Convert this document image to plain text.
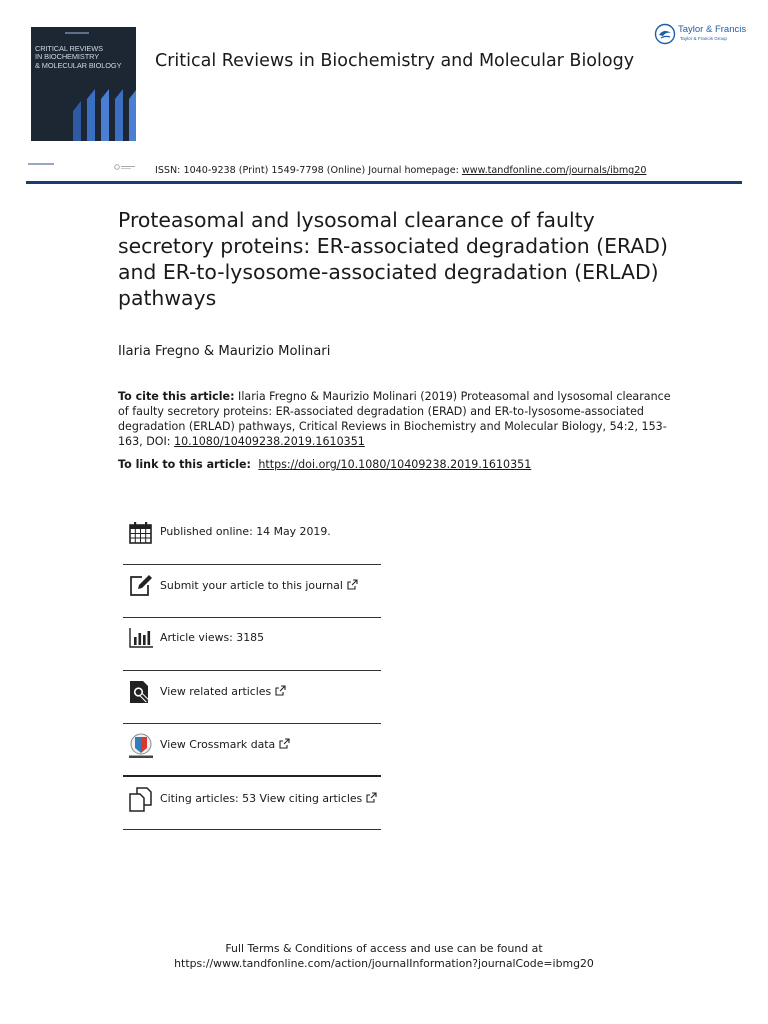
CRITICAL REVIEWS
IN BIOCHEMISTRY
& MOLECULAR BIOLOGY	Critical Reviews in Biochemistry and Molecular Biology
Taylor & Francis
Taylor & Francis Group
ISSN: 1040-9238 (Print) 1549-7798 (Online) Journal homepage: www.tandfonline.com/journals/ibmg20
Proteasomal and lysosomal clearance of faulty secretory proteins: ER-associated degradation (ERAD) and ER-to-lysosome-associated degradation (ERLAD) pathways
Ilaria Fregno & Maurizio Molinari
To cite this article: Ilaria Fregno & Maurizio Molinari (2019) Proteasomal and lysosomal clearance of faulty secretory proteins: ER-associated degradation (ERAD) and ER-to-lysosome-associated degradation (ERLAD) pathways, Critical Reviews in Biochemistry and Molecular Biology, 54:2, 153-163, DOI: 10.1080/10409238.2019.1610351
To link to this article:  https://doi.org/10.1080/10409238.2019.1610351
Published online: 14 May 2019.
Submit your article to this journal
Article views: 3185
View related articles
View Crossmark data
Citing articles: 53 View citing articles
Full Terms & Conditions of access and use can be found at
https://www.tandfonline.com/action/journalInformation?journalCode=ibmg20
